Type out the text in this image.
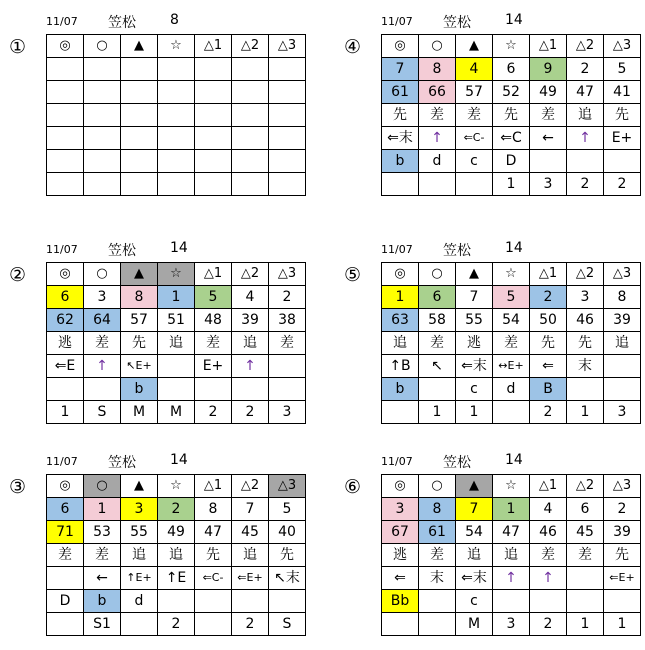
①
11/07 笠松 8
◎	○	▲	☆	△1	△2	△3

							④
11/07 笠松 14
◎	○	▲	☆	△1	△2	△3
7	8	4	6	9	2	5
61	66	57	52	49	47	41
先	差	差	先	差	追	先
⇐末	↑	⇐C-	⇐C	←	↑	E+
b	d	c	D			
			1	3	2	2
②
11/07 笠松 14
◎	○	▲	☆	△1	△2	△3
6	3	8	1	5	4	2
62	64	57	51	48	39	38
逃	差	先	追	差	追	差
⇐E	↑	↖E+		E+	↑	
		b				
1	S	M	M	2	2	3
⑤
11/07 笠松 14
◎	○	▲	☆	△1	△2	△3
1	6	7	5	2	3	8
63	58	55	54	50	46	39
追	差	逃	差	先	先	追
↑B	↖	⇐末	↔E+	⇐	末	
b		c	d	B		
	1	1		2	1	3
③
11/07 笠松 14
◎	○	▲	☆	△1	△2	△3
6	1	3	2	8	7	5
71	53	55	49	47	45	40
差	差	追	追	先	追	先
	←	↑E+	↑E	⇐C-	⇐E+	↖末
D	b	d				
	S1		2		2	S
⑥
11/07 笠松 14
◎	○	▲	☆	△1	△2	△3
3	8	7	1	4	6	2
67	61	54	47	46	45	39
逃	差	追	追	差	差	先
⇐	末	⇐末	↑	↑		⇐E+
Bb		c				
		M	3	2	1	1
